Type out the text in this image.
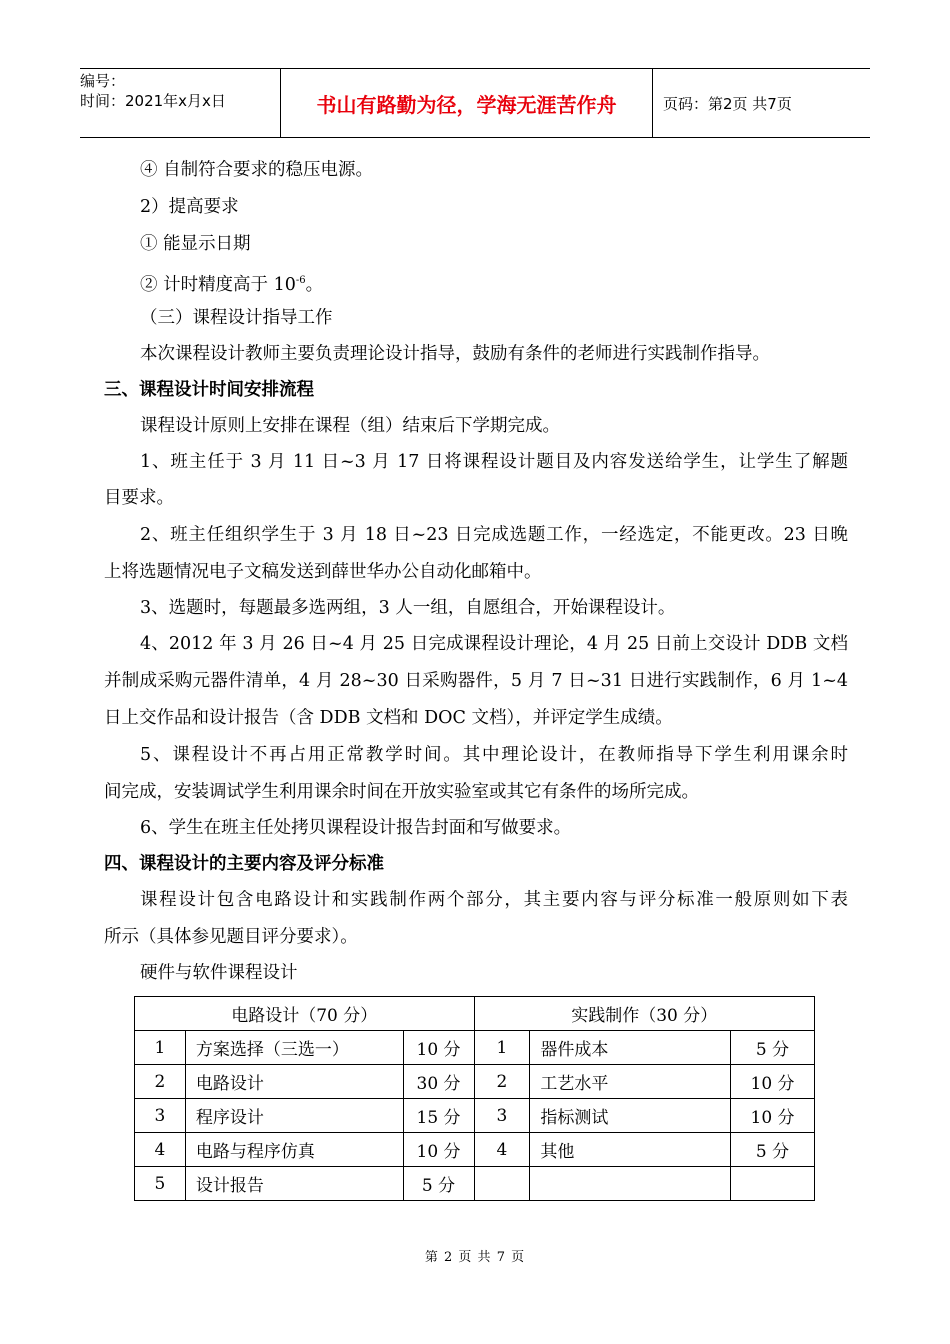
编号：
时间：2021年x月x日	书山有路勤为径，学海无涯苦作舟	页码：第2页 共7页
④ 自制符合要求的稳压电源。
2）提高要求
① 能显示日期
② 计时精度高于 $10^{-6}$。
（三）课程设计指导工作
本次课程设计教师主要负责理论设计指导，鼓励有条件的老师进行实践制作指导。
三、课程设计时间安排流程
课程设计原则上安排在课程（组）结束后下学期完成。
1、班主任于 3 月 11 日~3 月 17 日将课程设计题目及内容发送给学生，让学生了解题
目要求。
2、班主任组织学生于 3 月 18 日~23 日完成选题工作，一经选定，不能更改。23 日晚
上将选题情况电子文稿发送到薛世华办公自动化邮箱中。
3、选题时，每题最多选两组，3 人一组，自愿组合，开始课程设计。
4、2012 年 3 月 26 日~4 月 25 日完成课程设计理论，4 月 25 日前上交设计 DDB 文档
并制成采购元器件清单，4 月 28~30 日采购器件，5 月 7 日~31 日进行实践制作，6 月 1~4
日上交作品和设计报告（含 DDB 文档和 DOC 文档），并评定学生成绩。
5、课程设计不再占用正常教学时间。其中理论设计，在教师指导下学生利用课余时
间完成，安装调试学生利用课余时间在开放实验室或其它有条件的场所完成。
6、学生在班主任处拷贝课程设计报告封面和写做要求。
四、课程设计的主要内容及评分标准
课程设计包含电路设计和实践制作两个部分，其主要内容与评分标准一般原则如下表
所示（具体参见题目评分要求）。
硬件与软件课程设计
电路设计（70 分）			实践制作（30 分）		
1	方案选择（三选一）	10 分	1	器件成本	5 分
2	电路设计	30 分	2	工艺水平	10 分
3	程序设计	15 分	3	指标测试	10 分
4	电路与程序仿真	10 分	4	其他	5 分
5	设计报告	5 分			
第 2 页 共 7 页
